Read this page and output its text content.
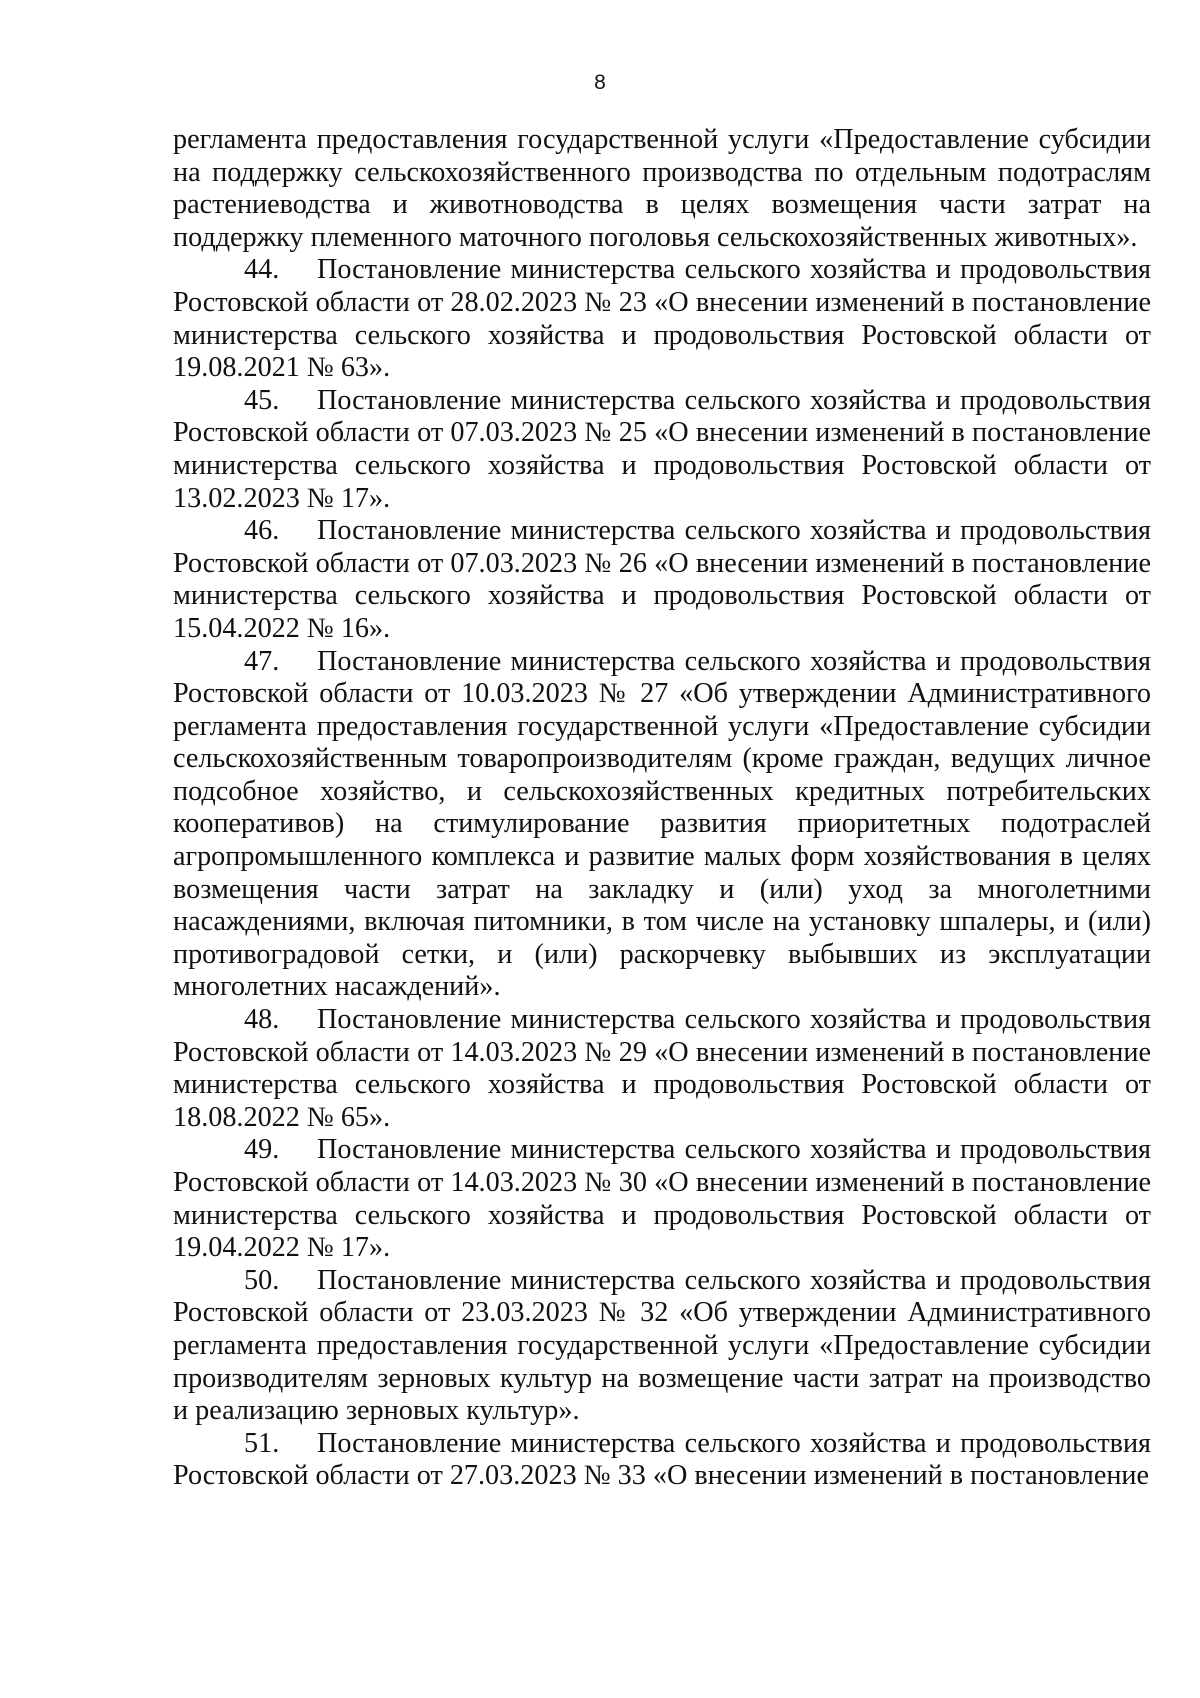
8

регламента предоставления государственной услуги «Предоставление субсидии на поддержку сельскохозяйственного производства по отдельным подотраслям растениеводства и животноводства в целях возмещения части затрат на поддержку племенного маточного поголовья сельскохозяйственных животных».

44. Постановление министерства сельского хозяйства и продовольствия Ростовской области от 28.02.2023 № 23 «О внесении изменений в постановление министерства сельского хозяйства и продовольствия Ростовской области от 19.08.2021 № 63».

45. Постановление министерства сельского хозяйства и продовольствия Ростовской области от 07.03.2023 № 25 «О внесении изменений в постановление министерства сельского хозяйства и продовольствия Ростовской области от 13.02.2023 № 17».

46. Постановление министерства сельского хозяйства и продовольствия Ростовской области от 07.03.2023 № 26 «О внесении изменений в постановление министерства сельского хозяйства и продовольствия Ростовской области от 15.04.2022 № 16».

47. Постановление министерства сельского хозяйства и продовольствия Ростовской области от 10.03.2023 № 27 «Об утверждении Административного регламента предоставления государственной услуги «Предоставление субсидии сельскохозяйственным товаропроизводителям (кроме граждан, ведущих личное подсобное хозяйство, и сельскохозяйственных кредитных потребительских кооперативов) на стимулирование развития приоритетных подотраслей агропромышленного комплекса и развитие малых форм хозяйствования в целях возмещения части затрат на закладку и (или) уход за многолетними насаждениями, включая питомники, в том числе на установку шпалеры, и (или) противоградовой сетки, и (или) раскорчевку выбывших из эксплуатации многолетних насаждений».

48. Постановление министерства сельского хозяйства и продовольствия Ростовской области от 14.03.2023 № 29 «О внесении изменений в постановление министерства сельского хозяйства и продовольствия Ростовской области от 18.08.2022 № 65».

49. Постановление министерства сельского хозяйства и продовольствия Ростовской области от 14.03.2023 № 30 «О внесении изменений в постановление министерства сельского хозяйства и продовольствия Ростовской области от 19.04.2022 № 17».

50. Постановление министерства сельского хозяйства и продовольствия Ростовской области от 23.03.2023 № 32 «Об утверждении Административного регламента предоставления государственной услуги «Предоставление субсидии производителям зерновых культур на возмещение части затрат на производство и реализацию зерновых культур».

51. Постановление министерства сельского хозяйства и продовольствия Ростовской области от 27.03.2023 № 33 «О внесении изменений в постановление
